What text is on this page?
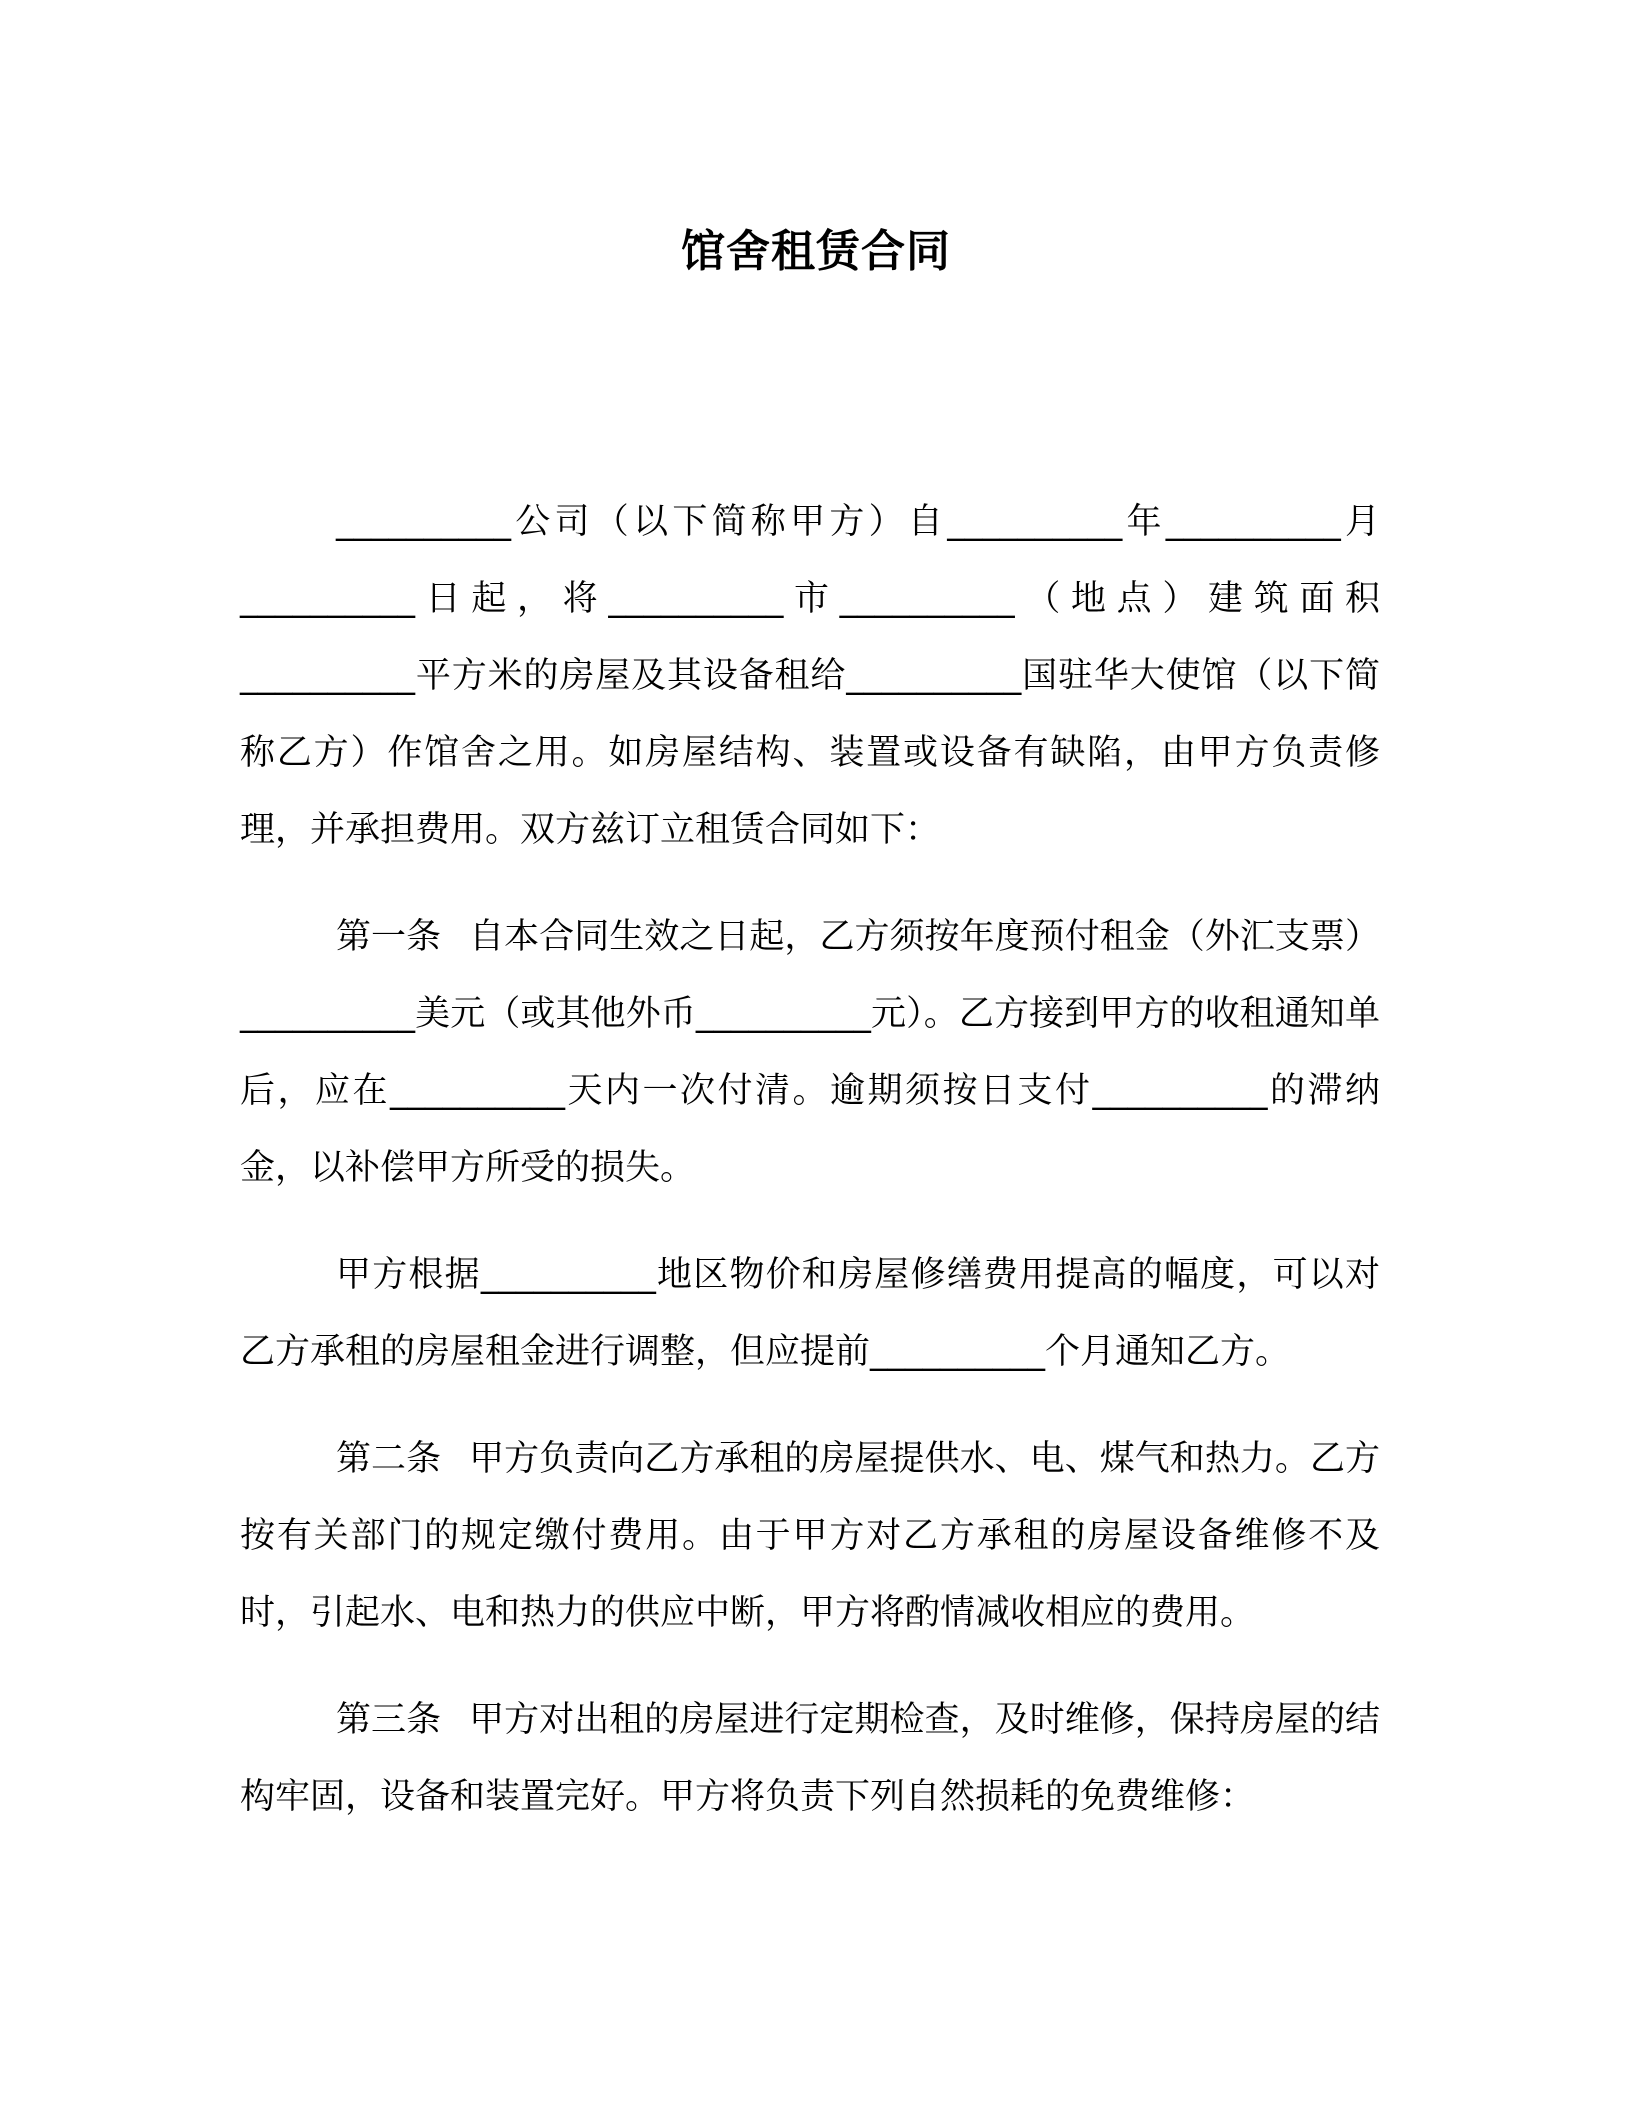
馆舍租赁合同

__________公司（以下简称甲方）自__________年__________月__________日起，将__________市__________（地点）建筑面积__________平方米的房屋及其设备租给__________国驻华大使馆（以下简称乙方）作馆舍之用。如房屋结构、装置或设备有缺陷，由甲方负责修理，并承担费用。双方兹订立租赁合同如下：

第一条 自本合同生效之日起，乙方须按年度预付租金（外汇支票）__________美元（或其他外币__________元）。乙方接到甲方的收租通知单后，应在__________天内一次付清。逾期须按日支付__________的滞纳金，以补偿甲方所受的损失。

甲方根据__________地区物价和房屋修缮费用提高的幅度，可以对乙方承租的房屋租金进行调整，但应提前__________个月通知乙方。

第二条 甲方负责向乙方承租的房屋提供水、电、煤气和热力。乙方按有关部门的规定缴付费用。由于甲方对乙方承租的房屋设备维修不及时，引起水、电和热力的供应中断，甲方将酌情减收相应的费用。

第三条 甲方对出租的房屋进行定期检查，及时维修，保持房屋的结构牢固，设备和装置完好。甲方将负责下列自然损耗的免费维修：
